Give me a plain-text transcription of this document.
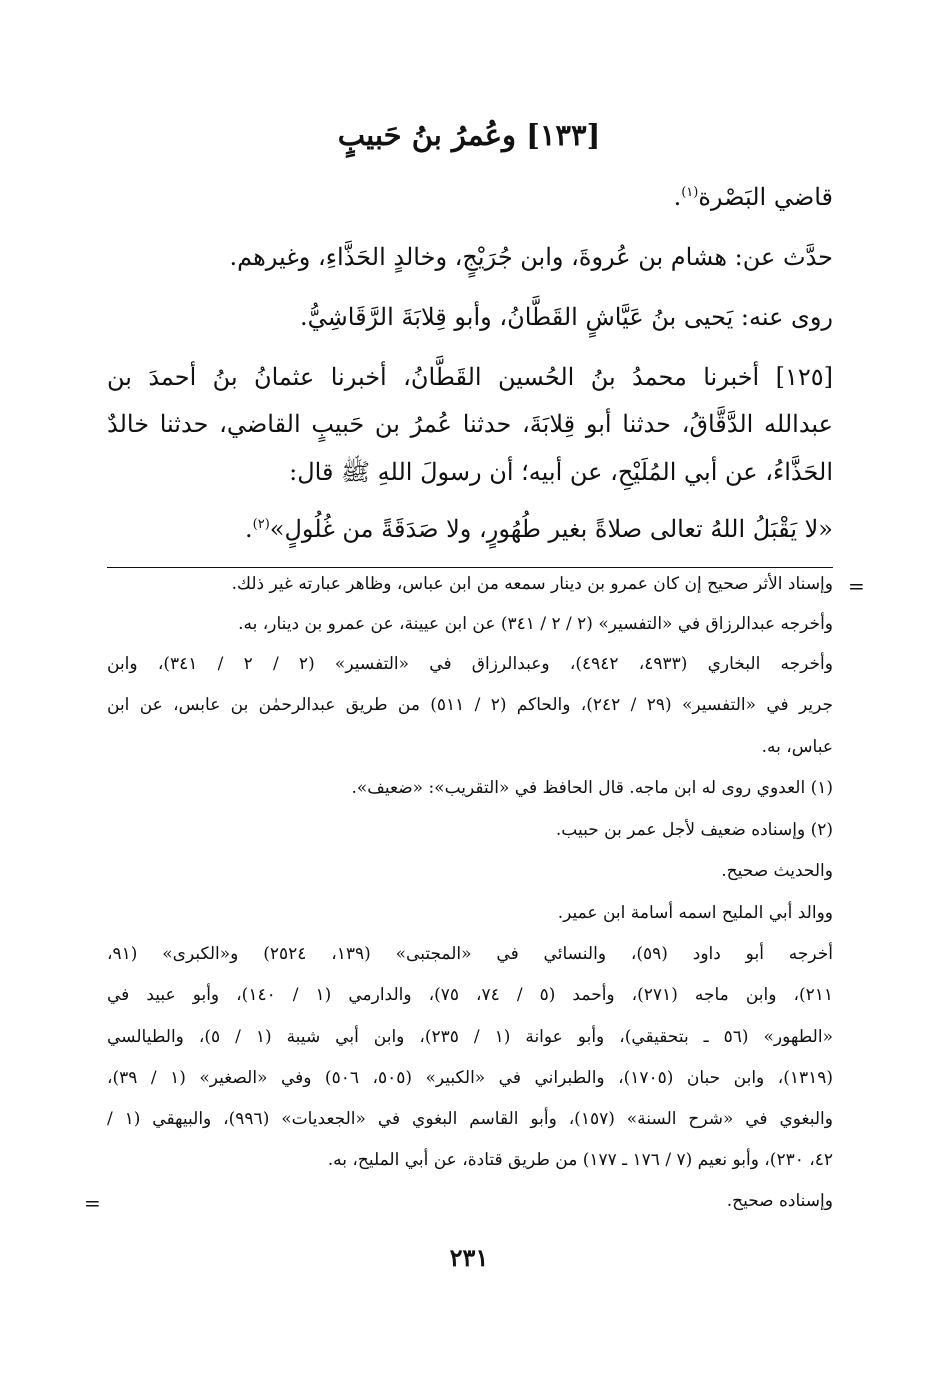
[١٣٣] وعُمرُ بنُ حَبيبٍ
قاضي البَصْرة$^{(١)}$.
حدَّث عن: هشام بن عُروةَ، وابن جُرَيْجٍ، وخالدٍ الحَذَّاءِ، وغيرهم.
روى عنه: يَحيى بنُ عَيَّاشٍ القَطَّانُ، وأبو قِلابَةَ الرَّقَاشِيُّ.
[١٢٥] أخبرنا محمدُ بنُ الحُسين القَطَّانُ، أخبرنا عثمانُ بنُ أحمدَ بن
عبدالله الدَّقَّاقُ، حدثنا أبو قِلابَةَ، حدثنا عُمرُ بن حَبيبٍ القاضي، حدثنا خالدٌ
الحَذَّاءُ، عن أبي المُلَيْحِ، عن أبيه؛ أن رسولَ اللهِ ﷺ قال:
«لا يَقْبَلُ اللهُ تعالى صلاةً بغير طُهُورٍ، ولا صَدَقَةً من غُلُولٍ»$^{(٢)}$.
=
وإسناد الأثر صحيح إن كان عمرو بن دينار سمعه من ابن عباس، وظاهر عبارته غير ذلك.
وأخرجه عبدالرزاق في «التفسير» (٢ / ٢ / ٣٤١) عن ابن عيينة، عن عمرو بن دينار، به.
وأخرجه البخاري (٤٩٣٣، ٤٩٤٢)، وعبدالرزاق في «التفسير» (٢ / ٢ / ٣٤١)، وابن
جرير في «التفسير» (٢٩ / ٢٤٢)، والحاكم (٢ / ٥١١) من طريق عبدالرحمٰن بن عابس، عن ابن
عباس، به.
(١) العدوي روى له ابن ماجه. قال الحافظ في «التقريب»: «ضعيف».
(٢) وإسناده ضعيف لأجل عمر بن حبيب.
والحديث صحيح.
ووالد أبي المليح اسمه أسامة ابن عمير.
أخرجه أبو داود (٥٩)، والنسائي في «المجتبى» (١٣٩، ٢٥٢٤) و«الكبرى» (٩١،
٢١١)، وابن ماجه (٢٧١)، وأحمد (٥ / ٧٤، ٧٥)، والدارمي (١ / ١٤٠)، وأبو عبيد في
«الطهور» (٥٦ ـ بتحقيقي)، وأبو عوانة (١ / ٢٣٥)، وابن أبي شيبة (١ / ٥)، والطيالسي
(١٣١٩)، وابن حبان (١٧٠٥)، والطبراني في «الكبير» (٥٠٥، ٥٠٦) وفي «الصغير» (١ / ٣٩)،
والبغوي في «شرح السنة» (١٥٧)، وأبو القاسم البغوي في «الجعديات» (٩٩٦)، والبيهقي (١ /
٤٢، ٢٣٠)، وأبو نعيم (٧ / ١٧٦ ـ ١٧٧) من طريق قتادة، عن أبي المليح، به.
وإسناده صحيح.
=
٢٣١
